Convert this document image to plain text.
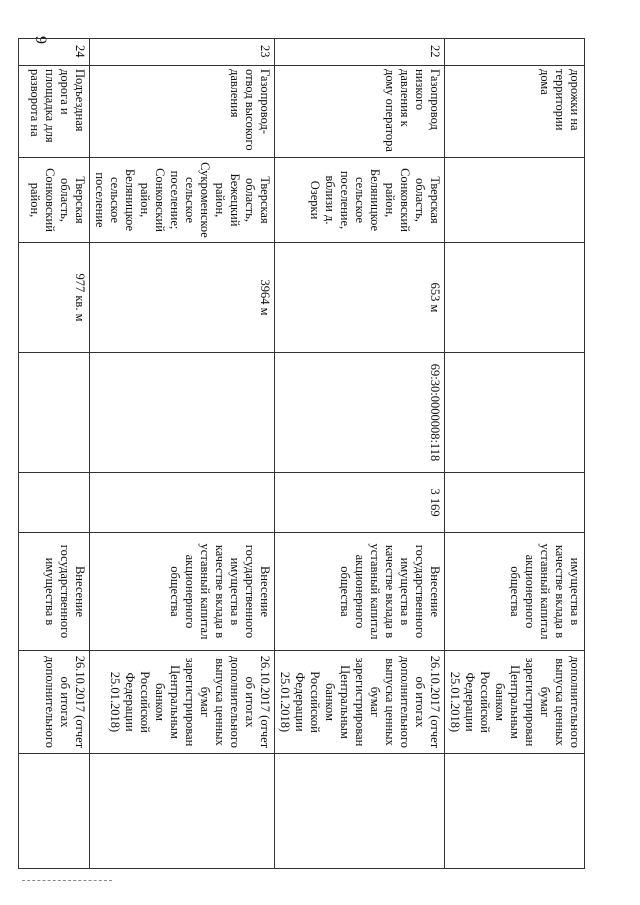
9
	дорожки на территории дома					имущества в качестве вклада в уставный капитал акционерного общества	дополнительного выпуска ценных бумаг зарегистрирован Центральным банком Российской Федерации 25.01.2018)	
22	Газопровод низкого давления к дому оператора	Тверская область, Сонковский район, Беляницкое сельское поселение, вблизи д. Озерки	653 м	69:30:0000008:118	3 169	Внесение государственного имущества в качестве вклада в уставный капитал акционерного общества	26.10.2017 (отчет об итогах дополнительного выпуска ценных бумаг зарегистрирован Центральным банком Российской Федерации 25.01.2018)	
23	Газопровод-отвод высокого давления	Тверская область, Бежецкий район, Сукроменское сельское поселение; Сонковский район, Беляницкое сельское поселение	3964 м			Внесение государственного имущества в качестве вклада в уставный капитал акционерного общества	26.10.2017 (отчет об итогах дополнительного выпуска ценных бумаг зарегистрирован Центральным банком Российской Федерации 25.01.2018)	
24	Подъездная дорога и площадка для разворота на	Тверская область, Сонковский район,	977 кв. м			Внесение государственного имущества в	26.10.2017 (отчет об итогах дополнительного	
